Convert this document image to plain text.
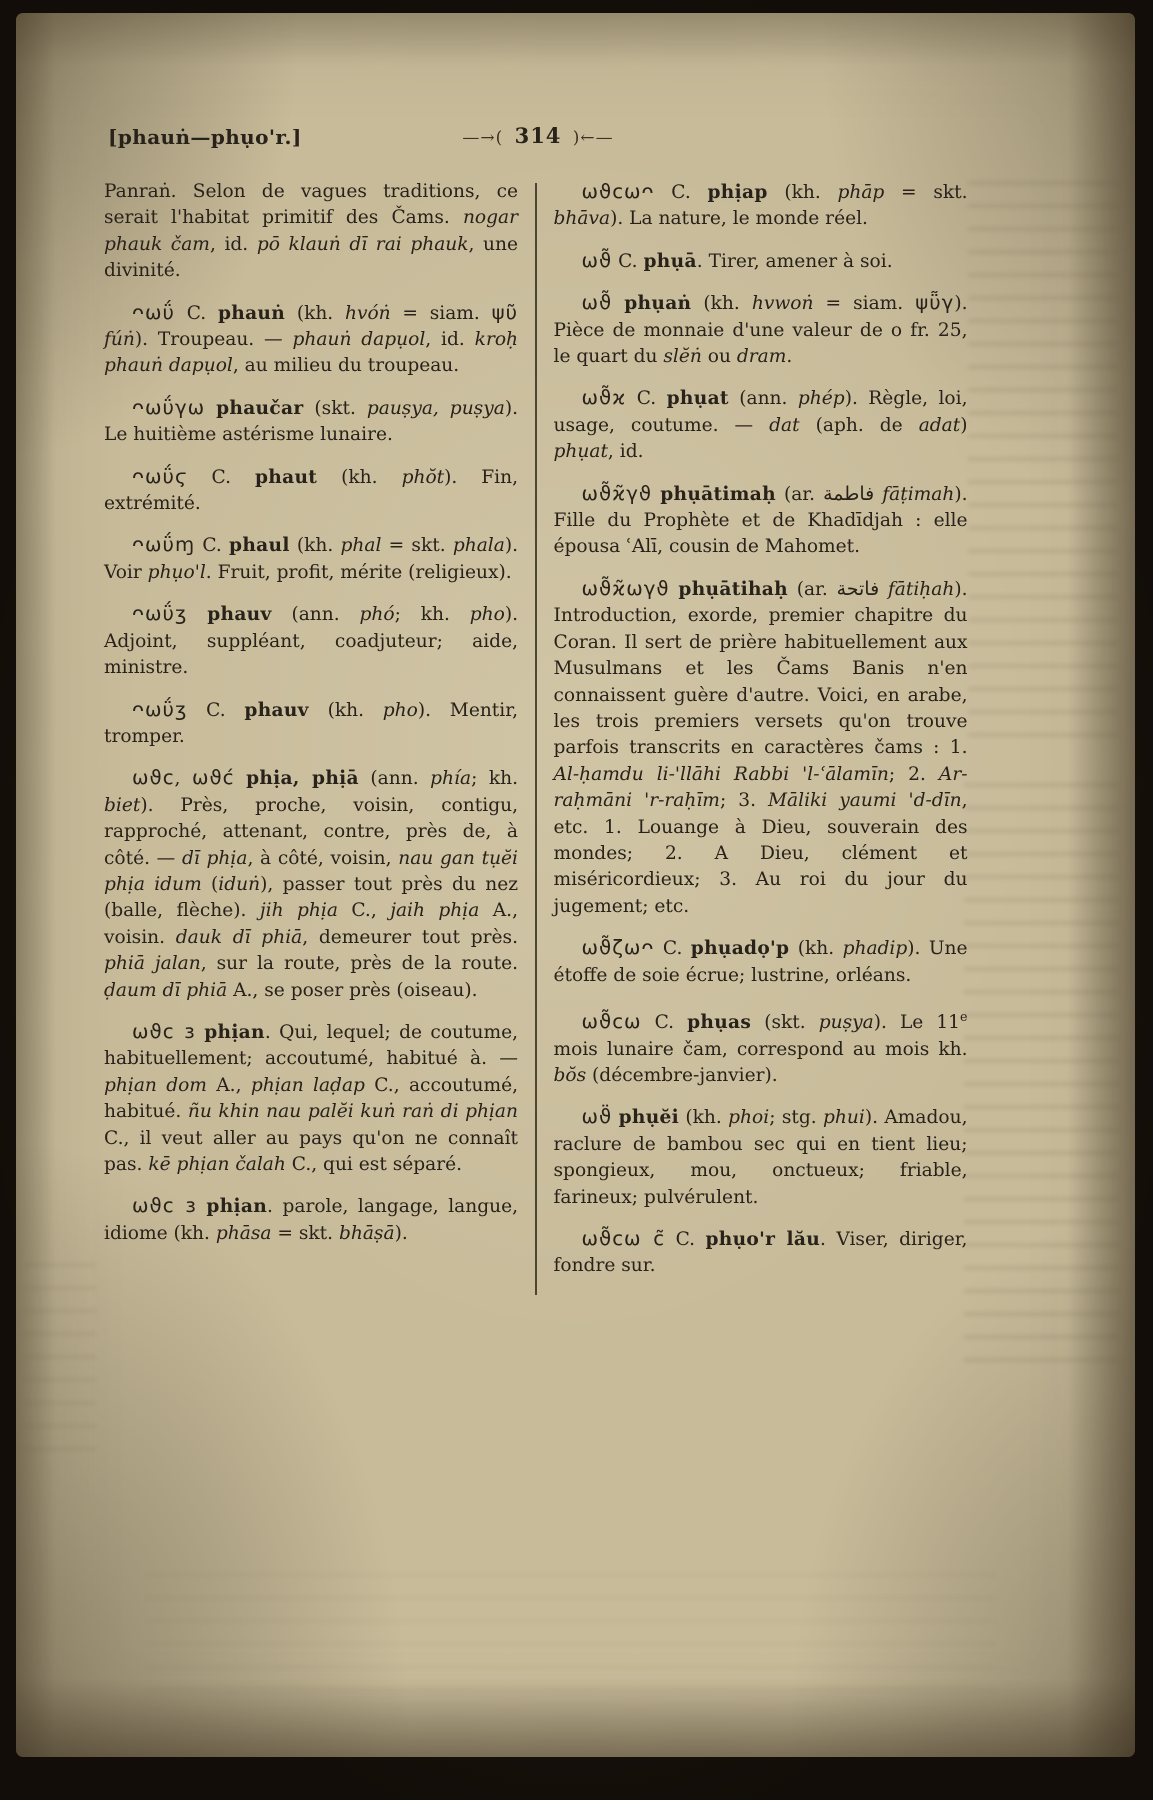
[phauṅ—phụo'r.]	—→( 314 )←—

Panraṅ. Selon de vagues traditions, ce serait l'habitat primitif des Čams. nogar phauk čam, id. pō klauṅ dī rai phauk, une divinité.

ᴖωΰ C. phauṅ (kh. hvóṅ = siam. ψῦ fúṅ). Troupeau. — phauṅ dapụol, id. kroḥ phauṅ dapụol, au milieu du troupeau.

ᴖωΰγω phaučar (skt. pauṣya, puṣya). Le huitième astérisme lunaire.

ᴖωΰϛ C. phaut (kh. phŏt). Fin, extrémité.

ᴖωΰɱ C. phaul (kh. phal = skt. phala). Voir phụo'l. Fruit, profit, mérite (religieux).

ᴖωΰʒ phauv (ann. phó; kh. pho). Adjoint, suppléant, coadjuteur; aide, ministre.

ᴖωΰʒ C. phauv (kh. pho). Mentir, tromper.

ωϑϲ, ωϑϲ́ phịa, phịā (ann. phía; kh. biet). Près, proche, voisin, contigu, rapproché, attenant, contre, près de, à côté. — dī phịa, à côté, voisin, nau gan tụĕi phịa idum (iduṅ), passer tout près du nez (balle, flèche). jih phịa C., jaih phịa A., voisin. dauk dī phiā, demeurer tout près. phiā jalan, sur la route, près de la route. ḍaum dī phiā A., se poser près (oiseau).

ωϑϲ ɜ phịan. Qui, lequel; de coutume, habituellement; accoutumé, habitué à. — phịan dom A., phịan laḍap C., accoutumé, habitué. ñu khin nau palĕi kuṅ raṅ di phịan C., il veut aller au pays qu'on ne connaît pas. kē phịan čalah C., qui est séparé.

ωϑϲ ɜ phịan. parole, langage, langue, idiome (kh. phāsa = skt. bhāṣā).

ωϑϲωᴖ C. phịap (kh. phāp = skt. bhāva). La nature, le monde réel.

ωϑ̃ C. phụā. Tirer, amener à soi.

ωϑ̃ phụaṅ (kh. hvwoṅ = siam. ψῧγ). Pièce de monnaie d'une valeur de o fr. 25, le quart du slĕṅ ou dram.

ωϑ̃ϰ C. phụat (ann. phép). Règle, loi, usage, coutume. — dat (aph. de adat) phụat, id.

ωϑ̃ϰ̃γϑ phụātimaḥ (ar. فاطمة fāṭimah). Fille du Prophète et de Khadīdjah : elle épousa ʿAlī, cousin de Mahomet.

ωϑ̃ϰ̃ωγϑ phụātihaḥ (ar. فاتحة fātiḥah). Introduction, exorde, premier chapitre du Coran. Il sert de prière habituellement aux Musulmans et les Čams Banis n'en connaissent guère d'autre. Voici, en arabe, les trois premiers versets qu'on trouve parfois transcrits en caractères čams : 1. Al-ḥamdu li-'llāhi Rabbi 'l-ʿālamīn; 2. Ar-raḥmāni 'r-raḥīm; 3. Māliki yaumi 'd-dīn, etc. 1. Louange à Dieu, souverain des mondes; 2. A Dieu, clément et miséricordieux; 3. Au roi du jour du jugement; etc.

ωϑ̃ζωᴖ C. phụadọ'p (kh. phadip). Une étoffe de soie écrue; lustrine, orléans.

ωϑ̃ϲω C. phụas (skt. puṣya). Le 11e mois lunaire čam, correspond au mois kh. bŏs (décembre-janvier).

ωϑ̈ phụĕi (kh. phoi; stg. phui). Amadou, raclure de bambou sec qui en tient lieu; spongieux, mou, onctueux; friable, farineux; pulvérulent.

ωϑ̃ϲω ϲ̃ C. phụo'r lău. Viser, diriger, fondre sur.
